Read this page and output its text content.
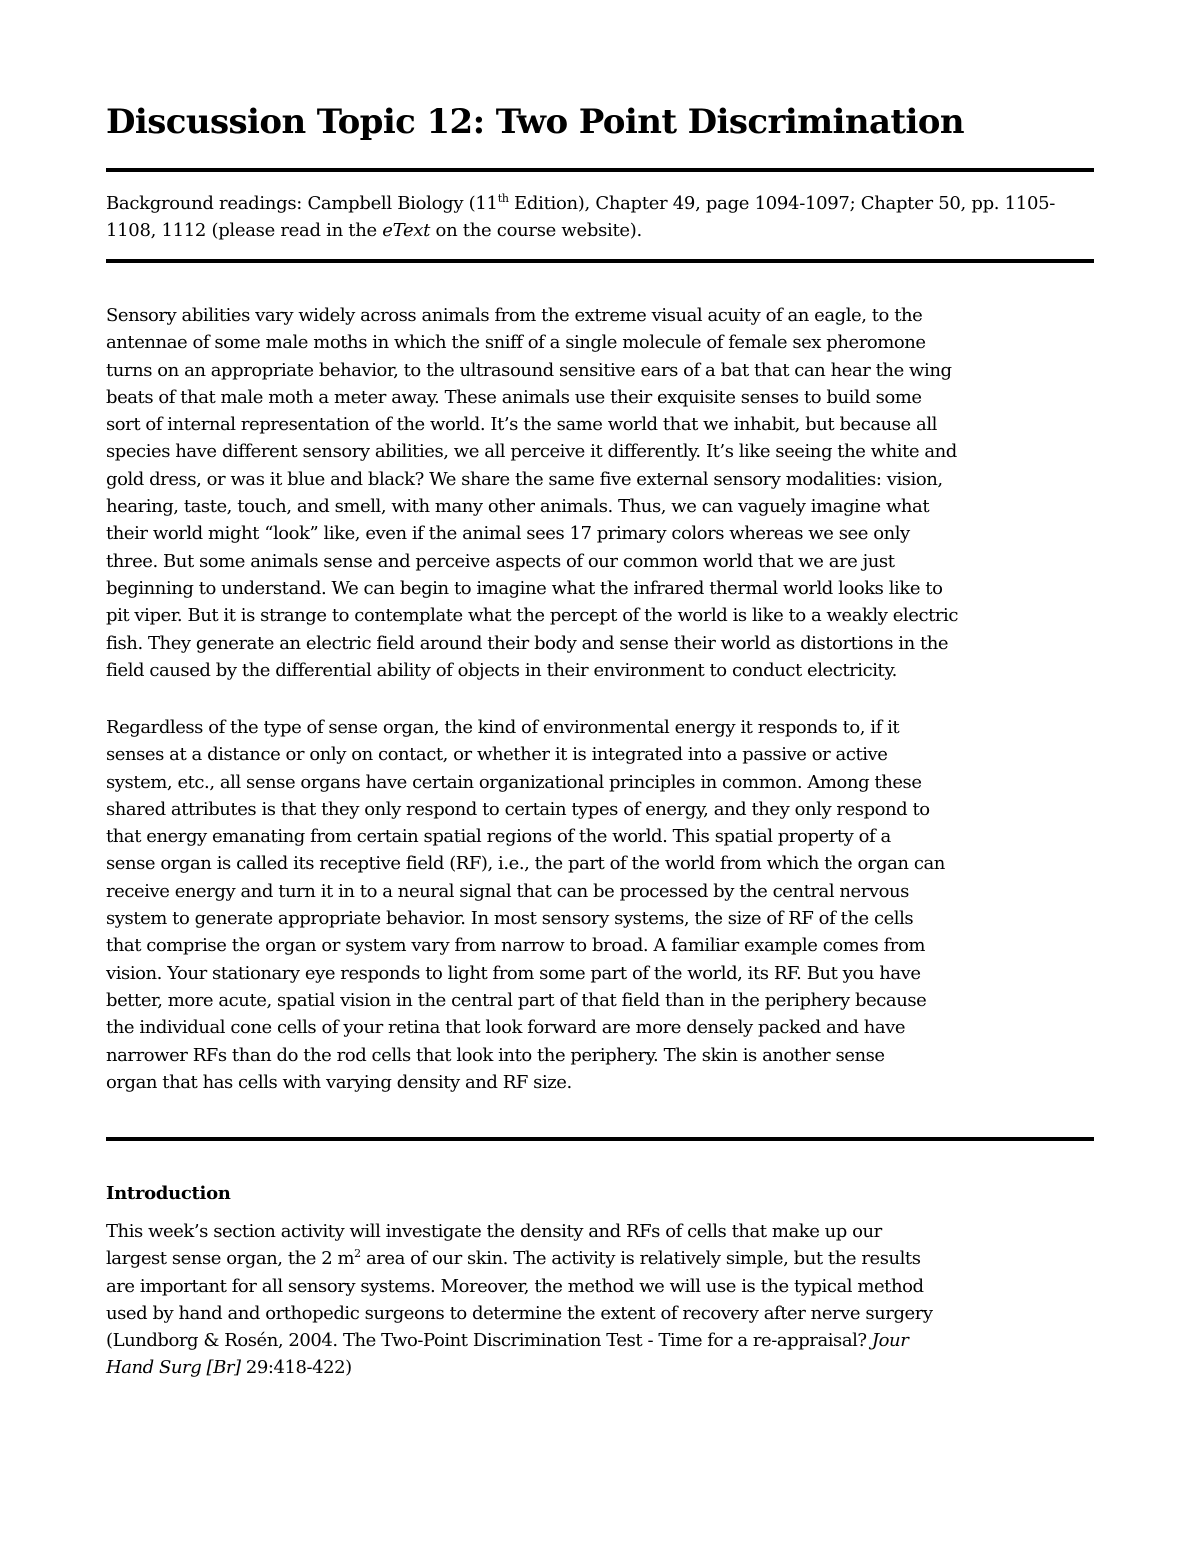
Discussion Topic 12: Two Point Discrimination
Background readings: Campbell Biology (11th Edition), Chapter 49, page 1094-1097; Chapter 50, pp. 1105-1108, 1112 (please read in the eText on the course website).
Sensory abilities vary widely across animals from the extreme visual acuity of an eagle, to the
antennae of some male moths in which the sniff of a single molecule of female sex pheromone
turns on an appropriate behavior, to the ultrasound sensitive ears of a bat that can hear the wing
beats of that male moth a meter away. These animals use their exquisite senses to build some
sort of internal representation of the world. It’s the same world that we inhabit, but because all
species have different sensory abilities, we all perceive it differently. It’s like seeing the white and
gold dress, or was it blue and black? We share the same five external sensory modalities: vision,
hearing, taste, touch, and smell, with many other animals. Thus, we can vaguely imagine what
their world might “look” like, even if the animal sees 17 primary colors whereas we see only
three. But some animals sense and perceive aspects of our common world that we are just
beginning to understand. We can begin to imagine what the infrared thermal world looks like to
pit viper. But it is strange to contemplate what the percept of the world is like to a weakly electric
fish. They generate an electric field around their body and sense their world as distortions in the
field caused by the differential ability of objects in their environment to conduct electricity.
Regardless of the type of sense organ, the kind of environmental energy it responds to, if it
senses at a distance or only on contact, or whether it is integrated into a passive or active
system, etc., all sense organs have certain organizational principles in common. Among these
shared attributes is that they only respond to certain types of energy, and they only respond to
that energy emanating from certain spatial regions of the world. This spatial property of a
sense organ is called its receptive field (RF), i.e., the part of the world from which the organ can
receive energy and turn it in to a neural signal that can be processed by the central nervous
system to generate appropriate behavior. In most sensory systems, the size of RF of the cells
that comprise the organ or system vary from narrow to broad. A familiar example comes from
vision. Your stationary eye responds to light from some part of the world, its RF. But you have
better, more acute, spatial vision in the central part of that field than in the periphery because
the individual cone cells of your retina that look forward are more densely packed and have
narrower RFs than do the rod cells that look into the periphery. The skin is another sense
organ that has cells with varying density and RF size.
Introduction
This week’s section activity will investigate the density and RFs of cells that make up our
largest sense organ, the 2 $m^2$ area of our skin. The activity is relatively simple, but the results
are important for all sensory systems. Moreover, the method we will use is the typical method
used by hand and orthopedic surgeons to determine the extent of recovery after nerve surgery
(Lundborg & Rosén, 2004. The Two-Point Discrimination Test - Time for a re-appraisal? Jour
Hand Surg [Br] 29:418-422)
